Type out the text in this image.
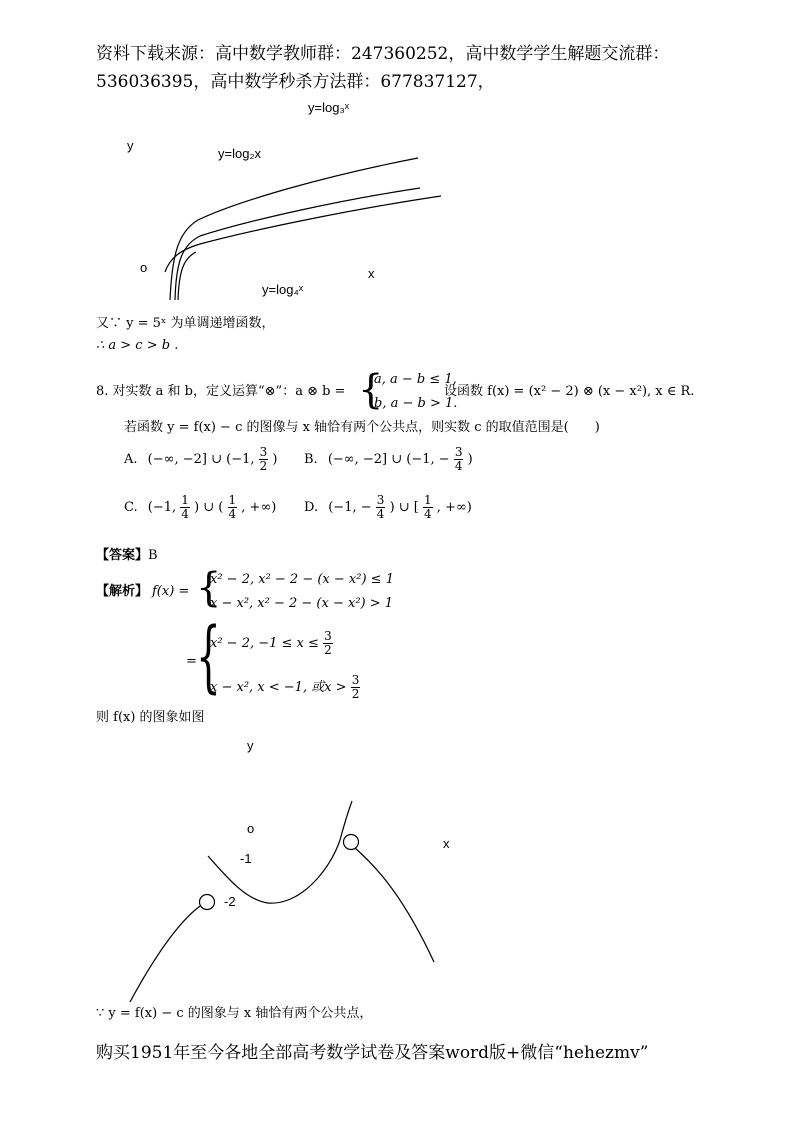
资料下载来源：高中数学教师群：247360252，高中数学学生解题交流群：
536036395，高中数学秒杀方法群：677837127，
y=log₃ˣ
y
y=log₂x
o	x
y=log₄ˣ
又∵ y = 5ˣ 为单调递增函数，
∴ a > c > b .
8. 对实数 a 和 b，定义运算“⊗”：a ⊗ b = {
a, a − b ≤ 1,
b, a − b > 1.
设函数 f(x) = (x² − 2) ⊗ (x − x²), x ∈ R.
若函数 y = f(x) − c 的图像与 x 轴恰有两个公共点，则实数 c 的取值范围是(　　)
A. (−∞, −2] ∪ (−1, $\frac{3}{2}$ ) B. (−∞, −2] ∪ (−1, − $\frac{3}{4}$ )
C. (−1, $\frac{1}{4}$ ) ∪ ( $\frac{1}{4}$ , +∞) D. (−1, − $\frac{3}{4}$ ) ∪ [ $\frac{1}{4}$ , +∞)
【答案】B
【解析】 f(x) = {
x² − 2, x² − 2 − (x − x²) ≤ 1
x − x², x² − 2 − (x − x²) > 1
= {
x² − 2, $-1 \le x \le \frac{3}{2}$
x − x², x < −1, 或$x > \frac{3}{2}$
则 f(x) 的图象如图
y
o
x
-1
-2
∵ y = f(x) − c 的图象与 x 轴恰有两个公共点，
购买1951年至今各地全部高考数学试卷及答案word版+微信“hehezmv”
